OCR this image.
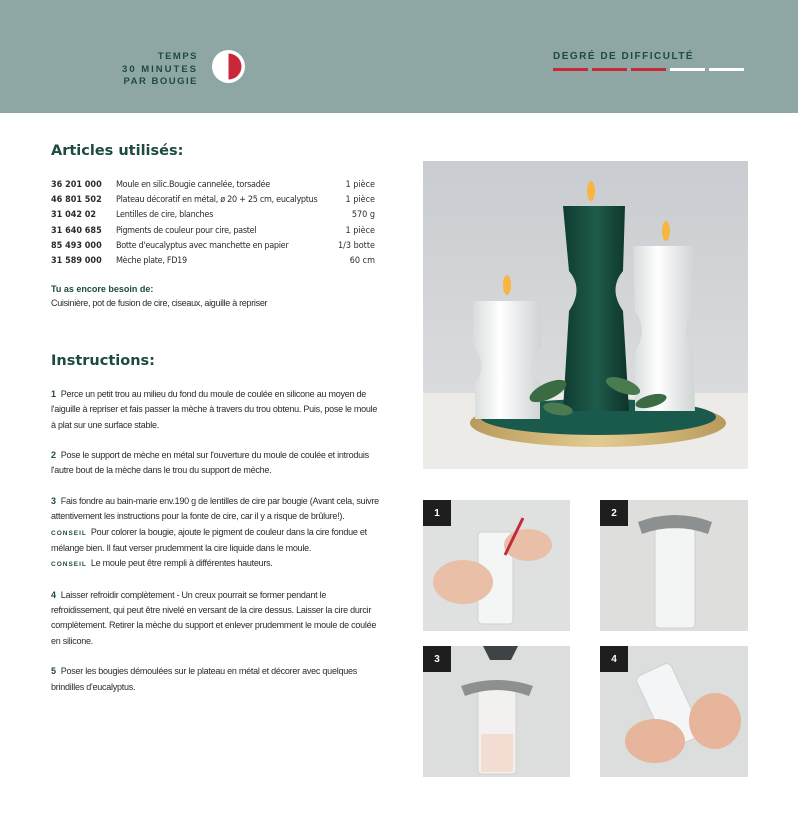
TEMPS
30 MINUTES
PAR BOUGIE
DEGRÉ DE DIFFICULTÉ
Articles utilisés:
36 201 000	Moule en silic.Bougie cannelée, torsadée	1 pièce
46 801 502	Plateau décoratif en métal, ø 20 + 25 cm, eucalyptus	1 pièce
31 042 02	Lentilles de cire, blanches	570 g
31 640 685	Pigments de couleur pour cire, pastel	1 pièce
85 493 000	Botte d'eucalyptus avec manchette en papier	1/3 botte
31 589 000	Mèche plate, FD19	60 cm
Tu as encore besoin de:
Cuisinière, pot de fusion de cire, ciseaux, aiguille à repriser
Instructions:

1 Perce un petit trou au milieu du fond du moule de coulée en silicone au moyen de l'aiguille à repriser et fais passer la mèche à travers du trou obtenu. Puis, pose le moule à plat sur une surface stable.

2 Pose le support de mèche en métal sur l'ouverture du moule de coulée et introduis l'autre bout de la mèche dans le trou du support de mèche.

3 Fais fondre au bain-marie env.190 g de lentilles de cire par bougie (Avant cela, suivre attentivement les instructions pour la fonte de cire, car il y a risque de brûlure!).

CONSEIL Pour colorer la bougie, ajoute le pigment de couleur dans la cire fondue et mélange bien. Il faut verser prudemment la cire liquide dans le moule.

CONSEIL Le moule peut être rempli à différentes hauteurs.

4 Laisser refroidir complètement - Un creux pourrait se former pendant le refroidissement, qui peut être nivelé en versant de la cire dessus. Laisser la cire durcir complètement. Retirer la mèche du support et enlever prudemment le moule de coulée en silicone.

5 Poser les bougies démoulées sur le plateau en métal et décorer avec quelques brindilles d'eucalyptus.

1	2
3	4
